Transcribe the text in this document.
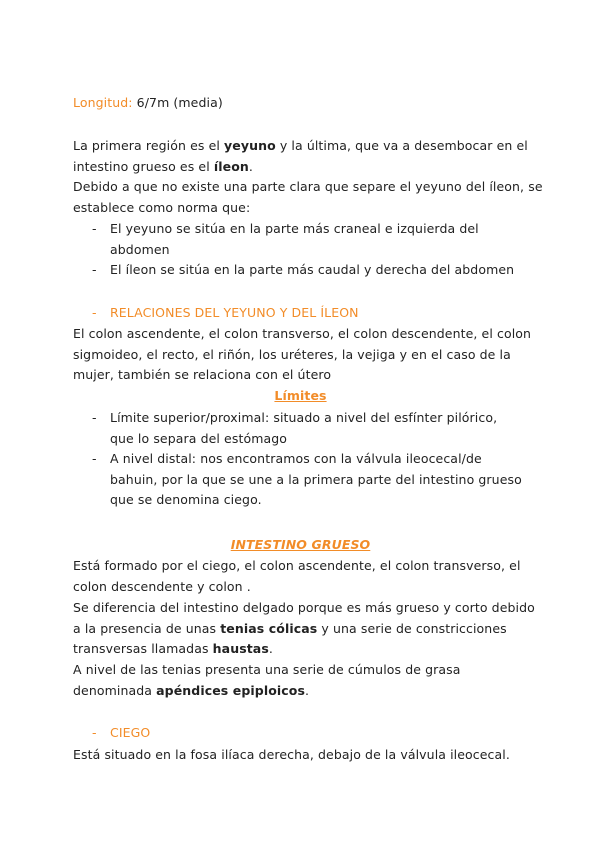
Longitud: 6/7m (media)

La primera región es el yeyuno y la última, que va a desembocar en el intestino grueso es el íleon.
Debido a que no existe una parte clara que separe el yeyuno del íleon, se establece como norma que:

- El yeyuno se sitúa en la parte más craneal e izquierda del abdomen
- El íleon se sitúa en la parte más caudal y derecha del abdomen
- RELACIONES DEL YEYUNO Y DEL ÍLEON

El colon ascendente, el colon transverso, el colon descendente, el colon sigmoideo, el recto, el riñón, los uréteres, la vejiga y en el caso de la mujer, también se relaciona con el útero

Límites

- Límite superior/proximal: situado a nivel del esfínter pilórico, que lo separa del estómago
- A nivel distal: nos encontramos con la válvula ileocecal/de bahuin, por la que se une a la primera parte del intestino grueso que se denomina ciego.

INTESTINO GRUESO

Está formado por el ciego, el colon ascendente, el colon transverso, el colon descendente y colon .

Se diferencia del intestino delgado porque es más grueso y corto debido a la presencia de unas tenias cólicas y una serie de constricciones transversas llamadas haustas.

A nivel de las tenias presenta una serie de cúmulos de grasa denominada apéndices epiploicos.

- CIEGO

Está situado en la fosa ilíaca derecha, debajo de la válvula ileocecal.
